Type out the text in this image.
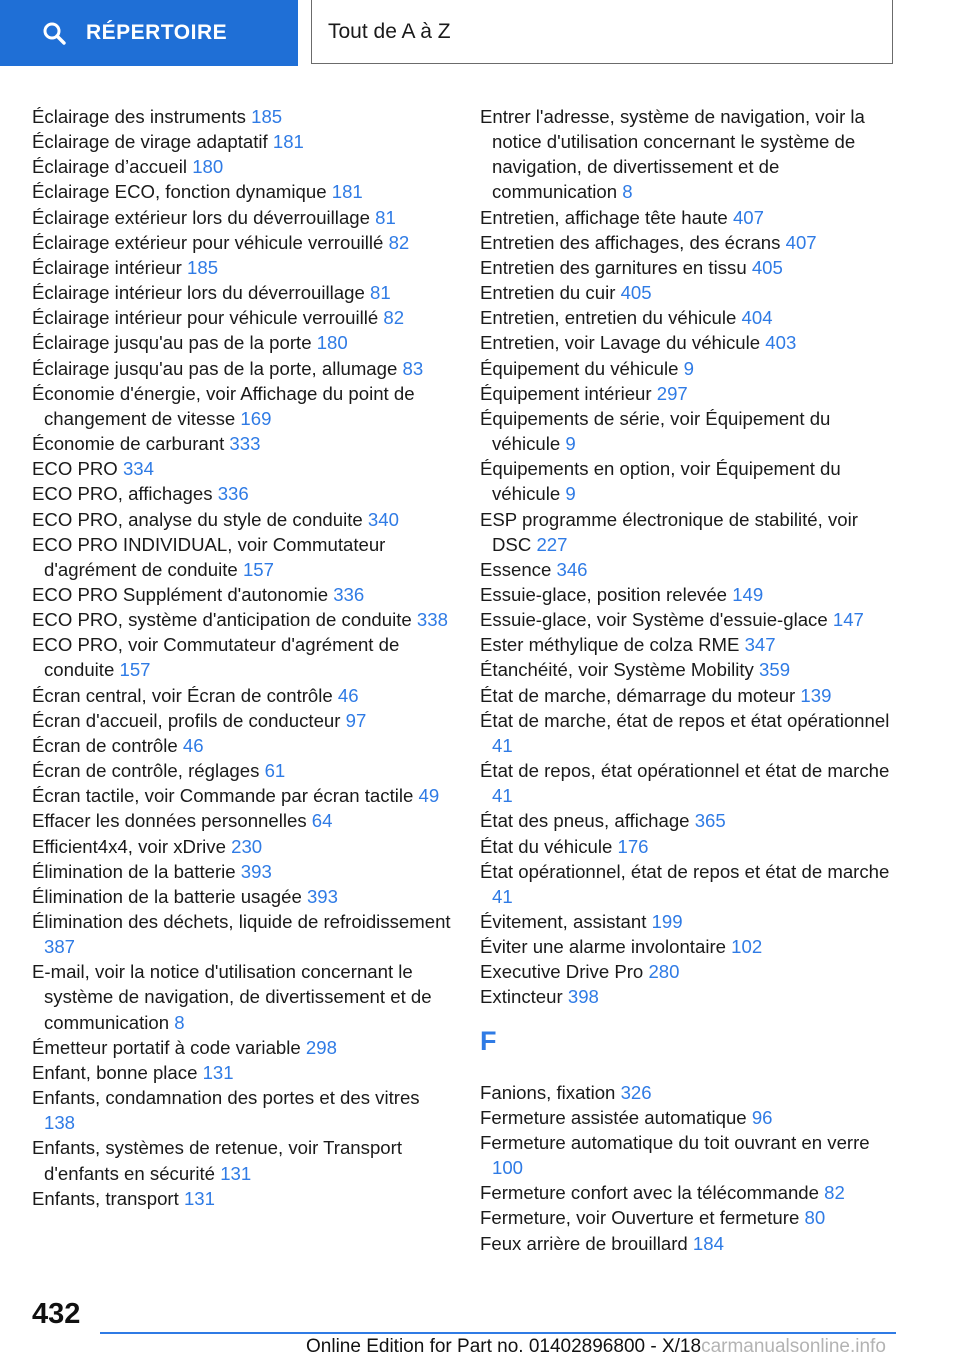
RÉPERTOIRE	Tout de A à Z
Éclairage des instruments 185
Éclairage de virage adaptatif 181
Éclairage d’accueil 180
Éclairage ECO, fonction dynamique 181
Éclairage extérieur lors du déverrouillage 81
Éclairage extérieur pour véhicule verrouillé 82
Éclairage intérieur 185
Éclairage intérieur lors du déverrouillage 81
Éclairage intérieur pour véhicule verrouillé 82
Éclairage jusqu'au pas de la porte 180
Éclairage jusqu'au pas de la porte, allumage 83
Économie d'énergie, voir Affichage du point de changement de vitesse 169
Économie de carburant 333
ECO PRO 334
ECO PRO, affichages 336
ECO PRO, analyse du style de conduite 340
ECO PRO INDIVIDUAL, voir Commutateur d'agrément de conduite 157
ECO PRO Supplément d'autonomie 336
ECO PRO, système d'anticipation de conduite 338
ECO PRO, voir Commutateur d'agrément de conduite 157
Écran central, voir Écran de contrôle 46
Écran d'accueil, profils de conducteur 97
Écran de contrôle 46
Écran de contrôle, réglages 61
Écran tactile, voir Commande par écran tactile 49
Effacer les données personnelles 64
Efficient4x4, voir xDrive 230
Élimination de la batterie 393
Élimination de la batterie usagée 393
Élimination des déchets, liquide de refroidissement 387
E-mail, voir la notice d'utilisation concernant le système de navigation, de divertissement et de communication 8
Émetteur portatif à code variable 298
Enfant, bonne place 131
Enfants, condamnation des portes et des vitres 138
Enfants, systèmes de retenue, voir Transport d'enfants en sécurité 131
Enfants, transport 131
Entrer l'adresse, système de navigation, voir la notice d'utilisation concernant le système de navigation, de divertissement et de communication 8
Entretien, affichage tête haute 407
Entretien des affichages, des écrans 407
Entretien des garnitures en tissu 405
Entretien du cuir 405
Entretien, entretien du véhicule 404
Entretien, voir Lavage du véhicule 403
Équipement du véhicule 9
Équipement intérieur 297
Équipements de série, voir Équipement du véhicule 9
Équipements en option, voir Équipement du véhicule 9
ESP programme électronique de stabilité, voir DSC 227
Essence 346
Essuie-glace, position relevée 149
Essuie-glace, voir Système d'essuie-glace 147
Ester méthylique de colza RME 347
Étanchéité, voir Système Mobility 359
État de marche, démarrage du moteur 139
État de marche, état de repos et état opérationnel 41
État de repos, état opérationnel et état de marche 41
État des pneus, affichage 365
État du véhicule 176
État opérationnel, état de repos et état de marche 41
Évitement, assistant 199
Éviter une alarme involontaire 102
Executive Drive Pro 280
Extincteur 398
F
Fanions, fixation 326
Fermeture assistée automatique 96
Fermeture automatique du toit ouvrant en verre 100
Fermeture confort avec la télécommande 82
Fermeture, voir Ouverture et fermeture 80
Feux arrière de brouillard 184
432
Online Edition for Part no. 01402896800 - X/18carmanualsonline.info
